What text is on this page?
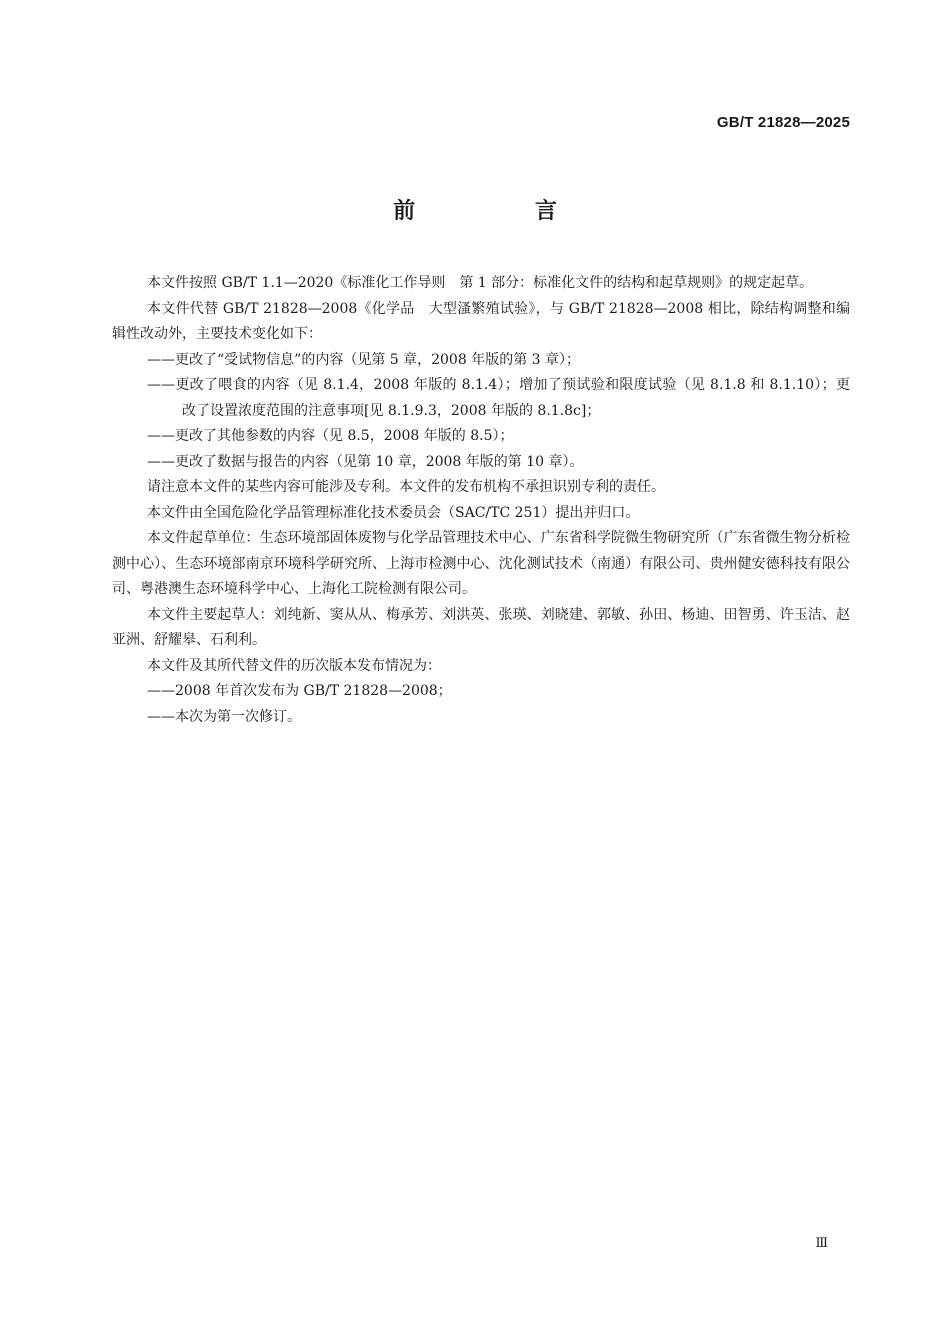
GB/T 21828—2025
前 言

本文件按照 GB/T 1.1—2020《标准化工作导则　第 1 部分：标准化文件的结构和起草规则》的规定起草。

本文件代替 GB/T 21828—2008《化学品　大型溞繁殖试验》，与 GB/T 21828—2008 相比，除结构调整和编辑性改动外，主要技术变化如下：

——更改了“受试物信息”的内容（见第 5 章，2008 年版的第 3 章）；

——更改了喂食的内容（见 8.1.4，2008 年版的 8.1.4）；增加了预试验和限度试验（见 8.1.8 和 8.1.10）；更改了设置浓度范围的注意事项[见 8.1.9.3，2008 年版的 8.1.8c]；

——更改了其他参数的内容（见 8.5，2008 年版的 8.5）；

——更改了数据与报告的内容（见第 10 章，2008 年版的第 10 章）。

请注意本文件的某些内容可能涉及专利。本文件的发布机构不承担识别专利的责任。

本文件由全国危险化学品管理标准化技术委员会（SAC/TC 251）提出并归口。

本文件起草单位：生态环境部固体废物与化学品管理技术中心、广东省科学院微生物研究所（广东省微生物分析检测中心）、生态环境部南京环境科学研究所、上海市检测中心、沈化测试技术（南通）有限公司、贵州健安德科技有限公司、粤港澳生态环境科学中心、上海化工院检测有限公司。

本文件主要起草人：刘纯新、窦从从、梅承芳、刘洪英、张瑛、刘晓建、郭敏、孙田、杨迪、田智勇、许玉洁、赵亚洲、舒耀皋、石利利。

本文件及其所代替文件的历次版本发布情况为：

——2008 年首次发布为 GB/T 21828—2008；

——本次为第一次修订。

Ⅲ
